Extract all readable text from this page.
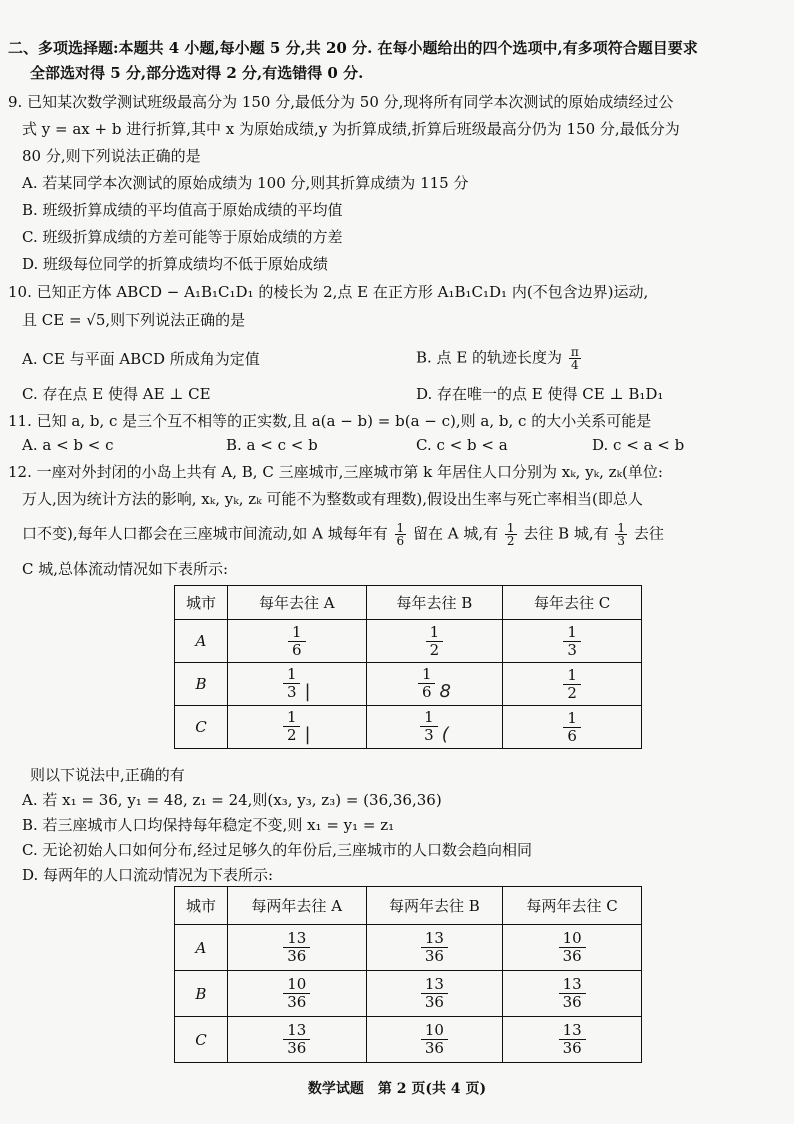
二、多项选择题:本题共 4 小题,每小题 5 分,共 20 分. 在每小题给出的四个选项中,有多项符合题目要求
全部选对得 5 分,部分选对得 2 分,有选错得 0 分.
9. 已知某次数学测试班级最高分为 150 分,最低分为 50 分,现将所有同学本次测试的原始成绩经过公
式 y = ax + b 进行折算,其中 x 为原始成绩,y 为折算成绩,折算后班级最高分仍为 150 分,最低分为
80 分,则下列说法正确的是
A. 若某同学本次测试的原始成绩为 100 分,则其折算成绩为 115 分
B. 班级折算成绩的平均值高于原始成绩的平均值
C. 班级折算成绩的方差可能等于原始成绩的方差
D. 班级每位同学的折算成绩均不低于原始成绩
10. 已知正方体 ABCD − A₁B₁C₁D₁ 的棱长为 2,点 E 在正方形 A₁B₁C₁D₁ 内(不包含边界)运动,
且 CE = √5,则下列说法正确的是
A. CE 与平面 ABCD 所成角为定值	B. 点 E 的轨迹长度为 $\frac{\pi}{4}$
C. 存在点 E 使得 AE ⊥ CE	D. 存在唯一的点 E 使得 CE ⊥ B₁D₁
11. 已知 a, b, c 是三个互不相等的正实数,且 a(a − b) = b(a − c),则 a, b, c 的大小关系可能是
A. a < b < c	B. a < c < b	C. c < b < a	D. c < a < b
12. 一座对外封闭的小岛上共有 A, B, C 三座城市,三座城市第 k 年居住人口分别为 xₖ, yₖ, zₖ(单位:
万人,因为统计方法的影响, xₖ, yₖ, zₖ 可能不为整数或有理数),假设出生率与死亡率相当(即总人
口不变),每年人口都会在三座城市间流动,如 A 城每年有 $\frac{1}{6}$ 留在 A 城,有 $\frac{1}{2}$ 去往 B 城,有 $\frac{1}{3}$ 去往
C 城,总体流动情况如下表所示:
城市	每年去往 A	每年去往 B	每年去往 C
A	$\frac{1}{6}$	$\frac{1}{2}$	$\frac{1}{3}$

B	$\frac{1}{3}$ |	$\frac{1}{6} 8$	$\frac{1}{2}$

C	$\frac{1}{2}$ |	$\frac{1}{3}$ (	$\frac{1}{6}$
则以下说法中,正确的有
A. 若 x₁ = 36, y₁ = 48, z₁ = 24,则(x₃, y₃, z₃) = (36,36,36)
B. 若三座城市人口均保持每年稳定不变,则 x₁ = y₁ = z₁
C. 无论初始人口如何分布,经过足够久的年份后,三座城市的人口数会趋向相同
D. 每两年的人口流动情况为下表所示:
城市	每两年去往 A	每两年去往 B	每两年去往 C
A	$\frac{13}{36}$	$\frac{13}{36}$	$\frac{10}{36}$

B	$\frac{10}{36}$	$\frac{13}{36}$	$\frac{13}{36}$

C	$\frac{13}{36}$	$\frac{10}{36}$	$\frac{13}{36}$
数学试题　第 2 页(共 4 页)
